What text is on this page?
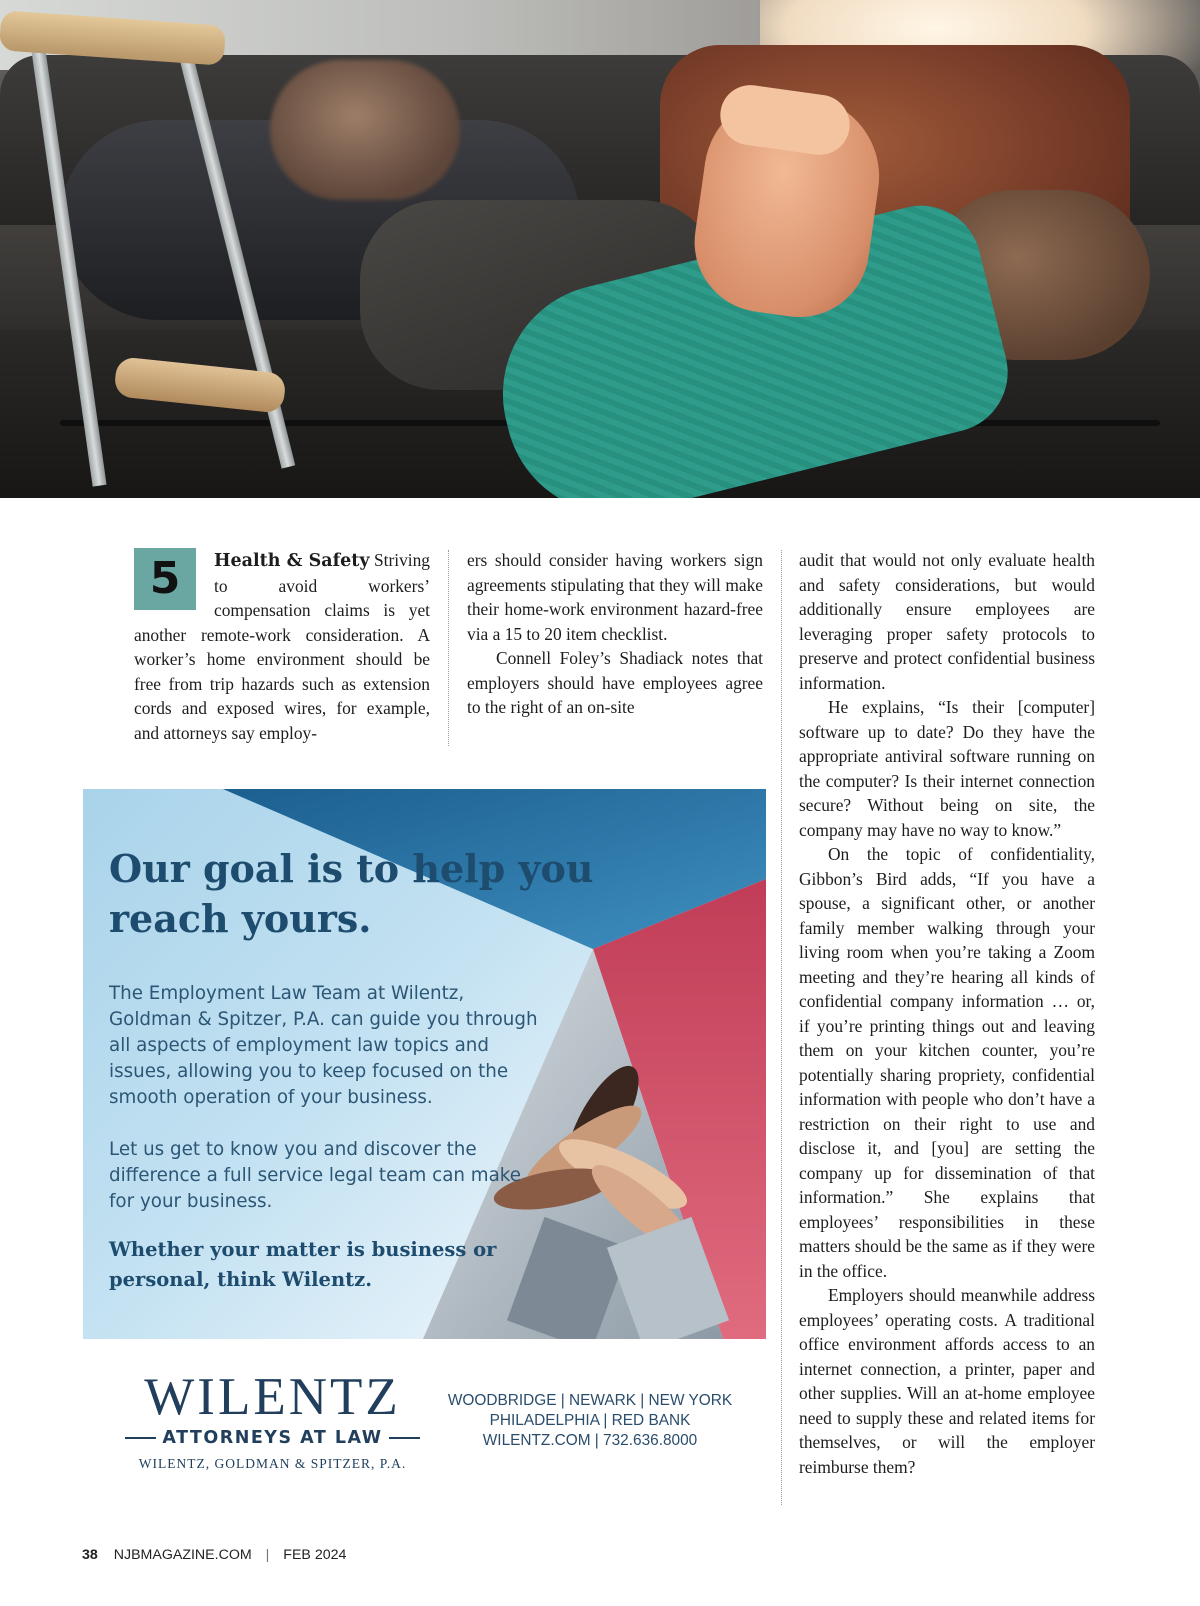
5	Health & Safety Striving to avoid workers’ compensation claims is yet another remote-work consideration. A worker’s home environment should be free from trip hazards such as extension cords and exposed wires, for example, and attorneys say employ-

ers should consider having workers sign agreements stipulating that they will make their home-work environment hazard-free via a 15 to 20 item checklist.

Connell Foley’s Shadiack notes that employers should have employees agree to the right of an on-site

audit that would not only evaluate health and safety considerations, but would additionally ensure employees are leveraging proper safety protocols to preserve and protect confidential business information.

He explains, “Is their [computer] software up to date? Do they have the appropriate antiviral software running on the computer? Is their internet connection secure? Without being on site, the company may have no way to know.”

On the topic of confidentiality, Gibbon’s Bird adds, “If you have a spouse, a significant other, or another family member walking through your living room when you’re taking a Zoom meeting and they’re hearing all kinds of confidential company information … or, if you’re printing things out and leaving them on your kitchen counter, you’re potentially sharing propriety, confidential information with people who don’t have a restriction on their right to use and disclose it, and [you] are setting the company up for dissemination of that information.” She explains that employees’ responsibilities in these matters should be the same as if they were in the office.

Employers should meanwhile address employees’ operating costs. A traditional office environment affords access to an internet connection, a printer, paper and other supplies. Will an at-home employee need to supply these and related items for themselves, or will the employer reimburse them?

Our goal is to help you reach yours.

The Employment Law Team at Wilentz, Goldman & Spitzer, P.A. can guide you through all aspects of employment law topics and issues, allowing you to keep focused on the smooth operation of your business.

Let us get to know you and discover the difference a full service legal team can make for your business.

Whether your matter is business or personal, think Wilentz.

WILENTZ
ATTORNEYS AT LAW
WILENTZ, GOLDMAN & SPITZER, P.A.
WOODBRIDGE | NEWARK | NEW YORK
PHILADELPHIA | RED BANK
WILENTZ.COM | 732.636.8000
38 NJBMAGAZINE.COM | FEB 2024
